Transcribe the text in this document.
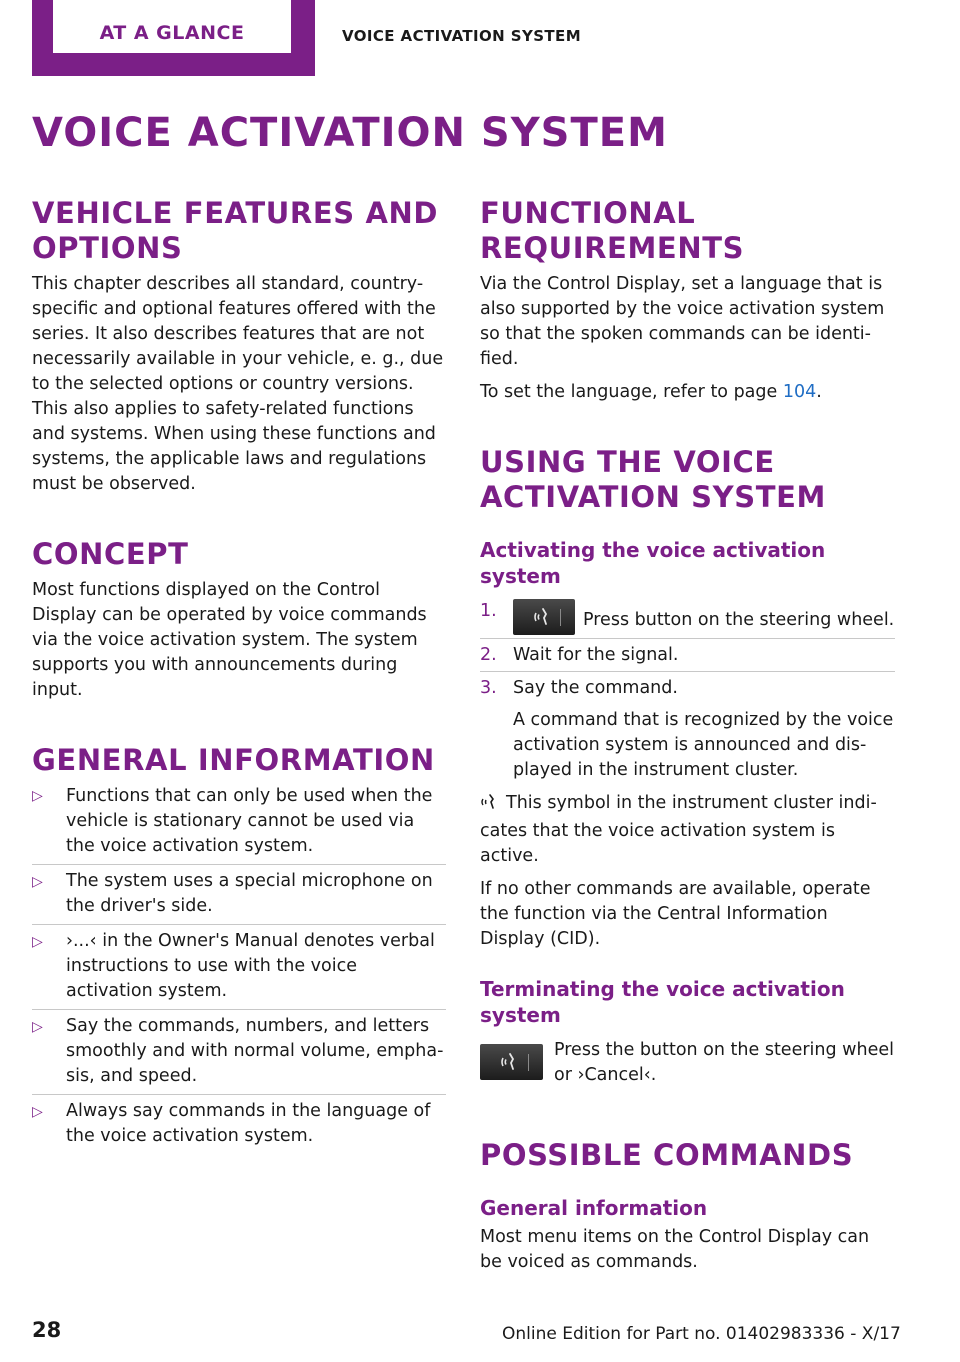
AT A GLANCE	VOICE ACTIVATION SYSTEM
VOICE ACTIVATION SYSTEM
VEHICLE FEATURES AND OPTIONS

This chapter describes all standard, country-specific and optional features offered with the series. It also describes features that are not necessarily available in your vehicle, e. g., due to the selected options or country versions. This also applies to safety-related functions and systems. When using these functions and systems, the applicable laws and regulations must be observed.

CONCEPT

Most functions displayed on the Control Display can be operated by voice commands via the voice activation system. The system supports you with announcements during input.

GENERAL INFORMATION
▷ Functions that can only be used when the vehicle is stationary cannot be used via the voice activation system.
▷ The system uses a special microphone on the driver's side.
▷ ›...‹ in the Owner's Manual denotes verbal instructions to use with the voice activation system.
▷ Say the commands, numbers, and letters smoothly and with normal volume, emphasis, and speed.
▷ Always say commands in the language of the voice activation system.
FUNCTIONAL REQUIREMENTS

Via the Control Display, set a language that is also supported by the voice activation system so that the spoken commands can be identified.

To set the language, refer to page 104.

USING THE VOICE ACTIVATION SYSTEM
Activating the voice activation system
1.	Press button on the steering wheel.
2. Wait for the signal.
3. Say the command.
A command that is recognized by the voice activation system is announced and displayed in the instrument cluster.

This symbol in the instrument cluster indicates that the voice activation system is active.

If no other commands are available, operate the function via the Central Information Display (CID).

Terminating the voice activation system

Press the button on the steering wheel or ›Cancel‹.

POSSIBLE COMMANDS
General information

Most menu items on the Control Display can be voiced as commands.

28	Online Edition for Part no. 01402983336 - X/17
